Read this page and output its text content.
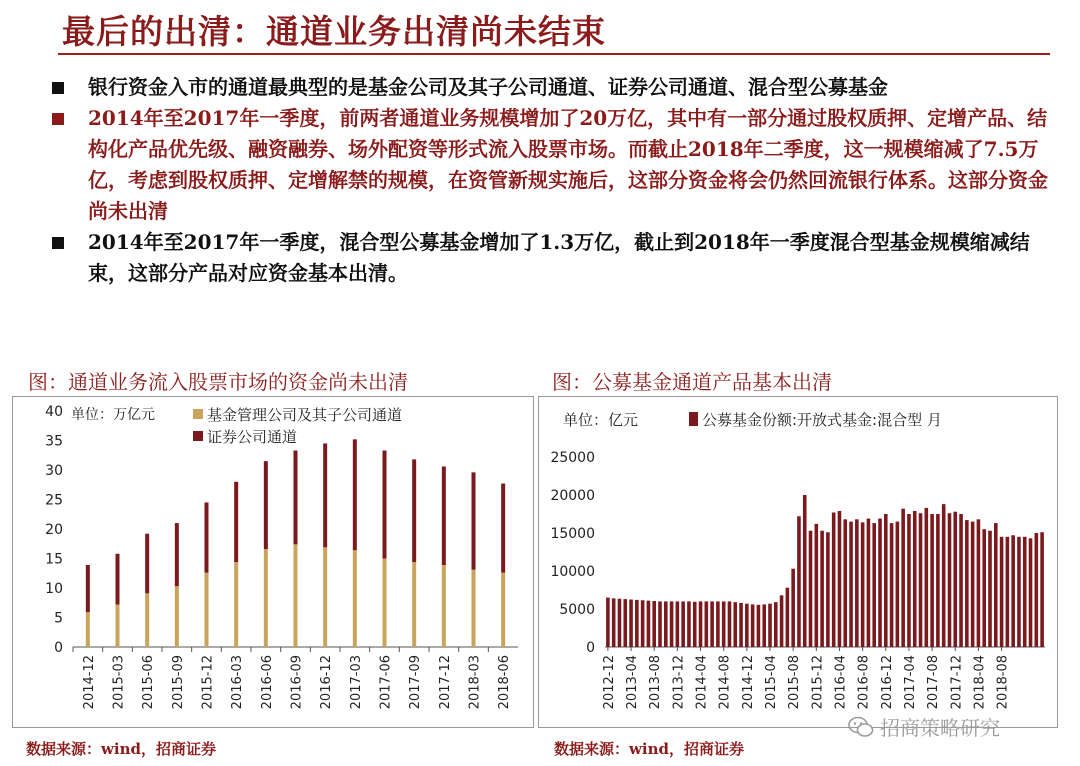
最后的出清：通道业务出清尚未结束
银行资金入市的通道最典型的是基金公司及其子公司通道、证券公司通道、混合型公募基金
2014年至2017年一季度，前两者通道业务规模增加了20万亿，其中有一部分通过股权质押、定增产品、结构化产品优先级、融资融券、场外配资等形式流入股票市场。而截止2018年二季度，这一规模缩减了7.5万亿，考虑到股权质押、定增解禁的规模，在资管新规实施后，这部分资金将会仍然回流银行体系。这部分资金尚未出清
2014年至2017年一季度，混合型公募基金增加了1.3万亿，截止到2018年一季度混合型基金规模缩减结束，这部分产品对应资金基本出清。
图：通道业务流入股票市场的资金尚未出清
0
5
10
15
20
25
30
35
40
2014-12 2015-03 2015-06 2015-09 2015-12 2016-03 2016-06 2016-09 2016-12 2017-03 2017-06 2017-09 2017-12 2018-03 2018-06
单位：万亿元	基金管理公司及其子公司通道
证券公司通道
数据来源：wind，招商证券
图：公募基金通道产品基本出清
0
5000
10000
15000
20000
25000
2012-12 2013-04 2013-08 2013-12 2014-04 2014-08 2014-12 2015-04 2015-08 2015-12 2016-04 2016-08 2016-12 2017-04 2017-08 2017-12 2018-04 2018-08
单位：亿元	公募基金份额:开放式基金:混合型 月
数据来源：wind，招商证券
招商策略研究
